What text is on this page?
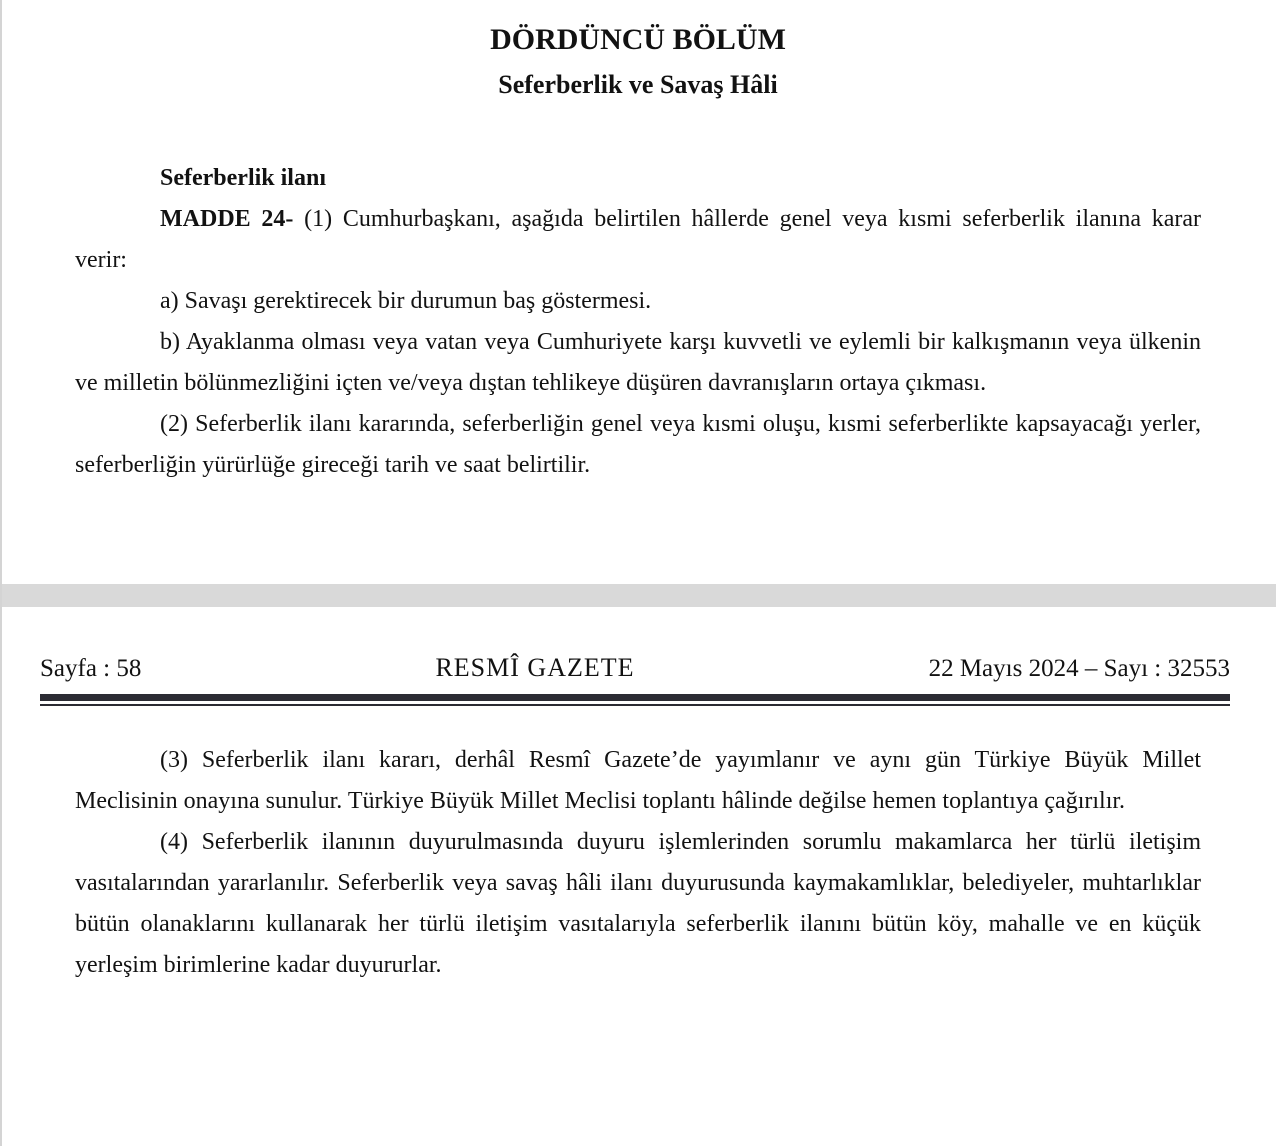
DÖRDÜNCÜ BÖLÜM

Seferberlik ve Savaş Hâli

Seferberlik ilanı

MADDE 24- (1) Cumhurbaşkanı, aşağıda belirtilen hâllerde genel veya kısmi seferberlik ilanına karar verir:

a) Savaşı gerektirecek bir durumun baş göstermesi.

b) Ayaklanma olması veya vatan veya Cumhuriyete karşı kuvvetli ve eylemli bir kalkışmanın veya ülkenin ve milletin bölünmezliğini içten ve/veya dıştan tehlikeye düşüren davranışların ortaya çıkması.

(2) Seferberlik ilanı kararında, seferberliğin genel veya kısmi oluşu, kısmi seferberlikte kapsayacağı yerler, seferberliğin yürürlüğe gireceği tarih ve saat belirtilir.

Sayfa : 58	RESMÎ GAZETE	22 Mayıs 2024 – Sayı : 32553

(3) Seferberlik ilanı kararı, derhâl Resmî Gazete’de yayımlanır ve aynı gün Türkiye Büyük Millet Meclisinin onayına sunulur. Türkiye Büyük Millet Meclisi toplantı hâlinde değilse hemen toplantıya çağırılır.

(4) Seferberlik ilanının duyurulmasında duyuru işlemlerinden sorumlu makamlarca her türlü iletişim vasıtalarından yararlanılır. Seferberlik veya savaş hâli ilanı duyurusunda kaymakamlıklar, belediyeler, muhtarlıklar bütün olanaklarını kullanarak her türlü iletişim vasıtalarıyla seferberlik ilanını bütün köy, mahalle ve en küçük yerleşim birimlerine kadar duyururlar.
